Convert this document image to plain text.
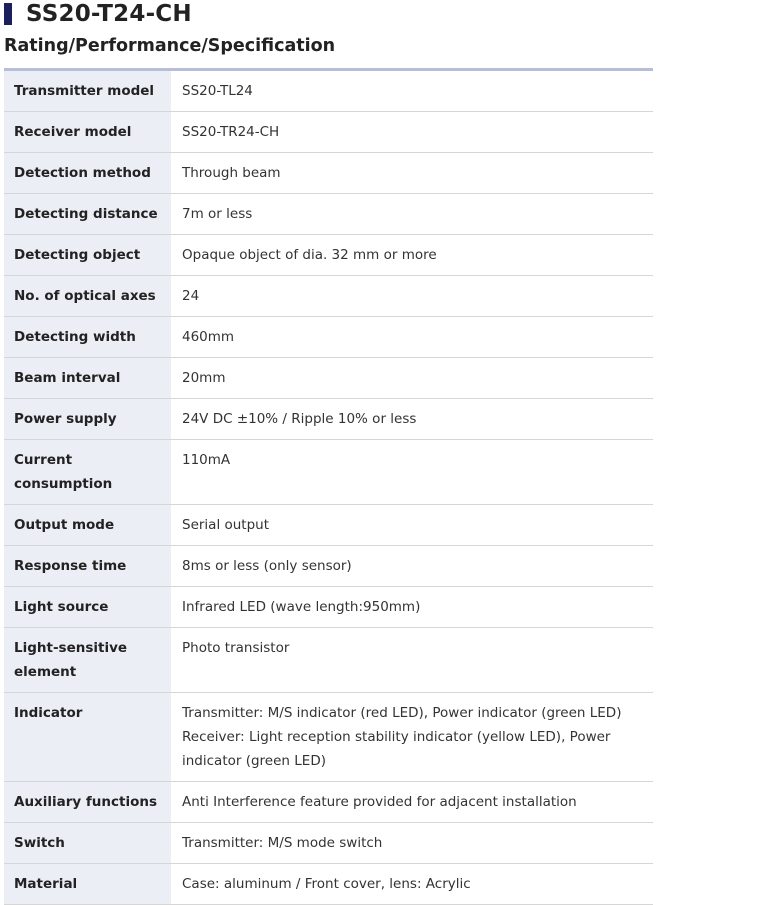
SS20-T24-CH
Rating/Performance/Specification
Transmitter model	SS20-TL24

Receiver model	SS20-TR24-CH

Detection method	Through beam

Detecting distance	7m or less

Detecting object	Opaque object of dia. 32 mm or more

No. of optical axes	24

Detecting width	460mm

Beam interval	20mm

Power supply	24V DC ±10% / Ripple 10% or less

Current consumption	110mA

Output mode	Serial output

Response time	8ms or less (only sensor)

Light source	Infrared LED (wave length:950mm)

Light-sensitive element	Photo transistor

Indicator	Transmitter: M/S indicator (red LED), Power indicator (green LED)
Receiver: Light reception stability indicator (yellow LED), Power indicator (green LED)

Auxiliary functions	Anti Interference feature provided for adjacent installation

Switch	Transmitter: M/S mode switch

Material	Case: aluminum / Front cover, lens: Acrylic
